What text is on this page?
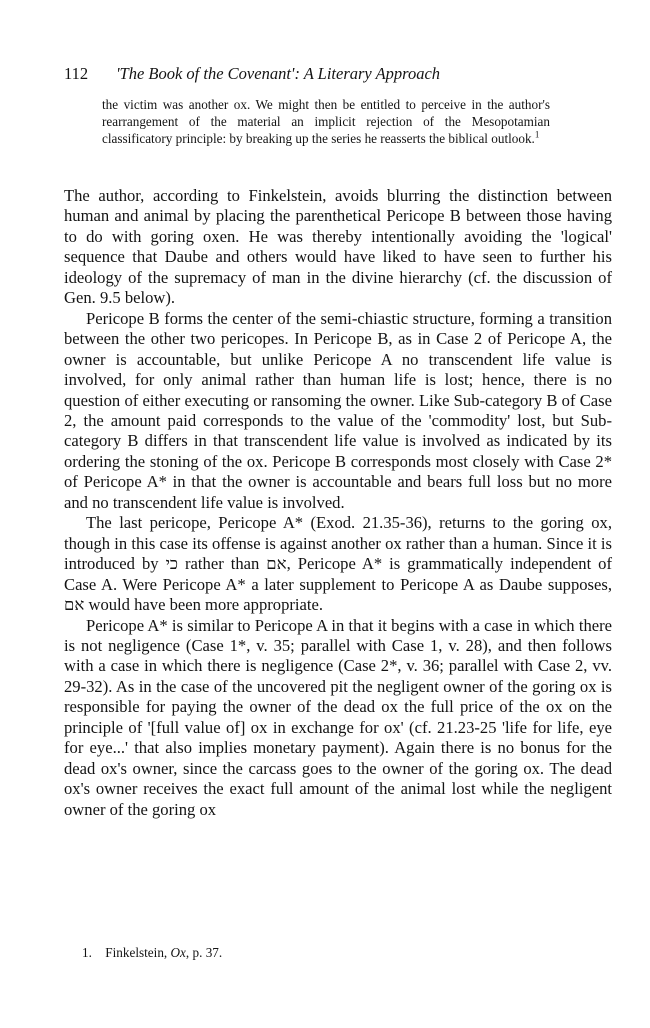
112 'The Book of the Covenant': A Literary Approach
the victim was another ox. We might then be entitled to perceive in the author's rearrangement of the material an implicit rejection of the Mesopotamian classificatory principle: by breaking up the series he reasserts the biblical outlook.$^1$

The author, according to Finkelstein, avoids blurring the distinction between human and animal by placing the parenthetical Pericope B between those having to do with goring oxen. He was thereby intentionally avoiding the 'logical' sequence that Daube and others would have liked to have seen to further his ideology of the supremacy of man in the divine hierarchy (cf. the discussion of Gen. 9.5 below).

Pericope B forms the center of the semi-chiastic structure, forming a transition between the other two pericopes. In Pericope B, as in Case 2 of Pericope A, the owner is accountable, but unlike Pericope A no transcendent life value is involved, for only animal rather than human life is lost; hence, there is no question of either executing or ransoming the owner. Like Sub-category B of Case 2, the amount paid corresponds to the value of the 'commodity' lost, but Sub-category B differs in that transcendent life value is involved as indicated by its ordering the stoning of the ox. Pericope B corresponds most closely with Case 2* of Pericope A* in that the owner is accountable and bears full loss but no more and no transcendent life value is involved.

The last pericope, Pericope A* (Exod. 21.35-36), returns to the goring ox, though in this case its offense is against another ox rather than a human. Since it is introduced by כי rather than אם, Pericope A* is grammatically independent of Case A. Were Pericope A* a later supplement to Pericope A as Daube supposes, אם would have been more appropriate.

Pericope A* is similar to Pericope A in that it begins with a case in which there is not negligence (Case 1*, v. 35; parallel with Case 1, v. 28), and then follows with a case in which there is negligence (Case 2*, v. 36; parallel with Case 2, vv. 29-32). As in the case of the uncovered pit the negligent owner of the goring ox is responsible for paying the owner of the dead ox the full price of the ox on the principle of '[full value of] ox in exchange for ox' (cf. 21.23-25 'life for life, eye for eye...' that also implies monetary payment). Again there is no bonus for the dead ox's owner, since the carcass goes to the owner of the goring ox. The dead ox's owner receives the exact full amount of the animal lost while the negligent owner of the goring ox

1. Finkelstein, Ox, p. 37.
